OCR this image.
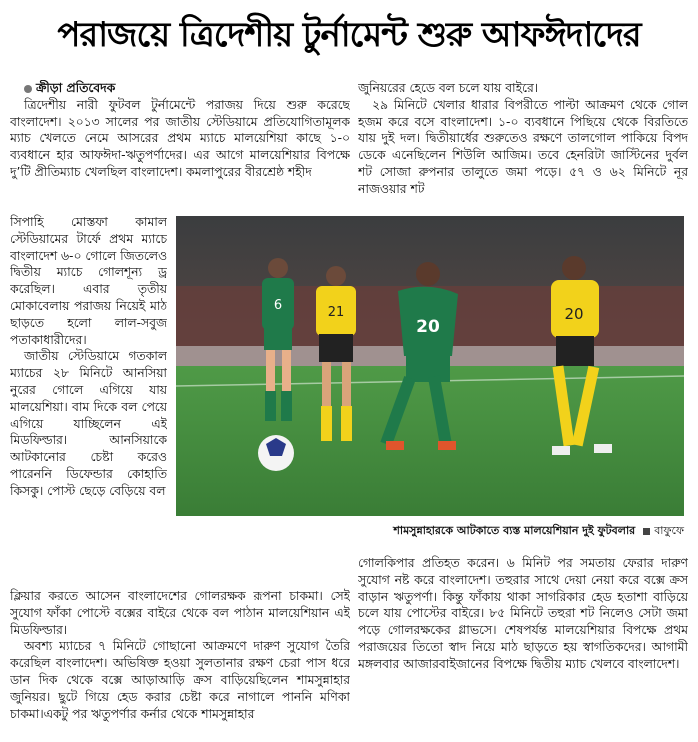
পরাজয়ে ত্রিদেশীয় টুর্নামেন্ট শুরু আফঈদাদের

ক্রীড়া প্রতিবেদক

ত্রিদেশীয় নারী ফুটবল টুর্নামেন্টে পরাজয় দিয়ে শুরু করেছে বাংলাদেশ। ২০১৩ সালের পর জাতীয় স্টেডিয়ামে প্রতিযোগিতামূলক ম্যাচ খেলতে নেমে আসরের প্রথম ম্যাচে মালয়েশিয়া কাছে ১-০ ব্যবধানে হার আফঈদা-ঋতুপর্ণাদের। এর আগে মালয়েশিয়ার বিপক্ষে দু’টি প্রীতিম্যাচ খেলছিল বাংলাদেশ। কমলাপুরের বীরশ্রেষ্ঠ শহীদ

জুনিয়রের হেডে বল চলে যায় বাইরে।

২৯ মিনিটে খেলার ধারার বিপরীতে পাল্টা আক্রমণ থেকে গোল হজম করে বসে বাংলাদেশ। ১-০ ব্যবধানে পিছিয়ে থেকে বিরতিতে যায় দুই দল। দ্বিতীয়ার্ধের শুরুতেও রক্ষণে তালগোল পাকিয়ে বিপদ ডেকে এনেছিলেন শিউলি আজিম। তবে হেনরিটা জাস্টিনের দুর্বল শট সোজা রুপনার তালুতে জমা পড়ে। ৫৭ ও ৬২ মিনিটে নূর নাজওয়ার শট

সিপাহি মোস্তফা কামাল স্টেডিয়ামের টার্ফে প্রথম ম্যাচে বাংলাদেশ ৬-০ গোলে জিতলেও দ্বিতীয় ম্যাচে গোলশূন্য ড্র করেছিল। এবার তৃতীয় মোকাবেলায় পরাজয় নিয়েই মাঠ ছাড়তে হলো লাল-সবুজ পতাকাধারীদের।

জাতীয় স্টেডিয়ামে গতকাল ম্যাচের ২৮ মিনিটে আনসিয়া নুরের গোলে এগিয়ে যায় মালয়েশিয়া। বাম দিকে বল পেয়ে এগিয়ে যাচ্ছিলেন এই মিডফিল্ডার। আনসিয়াকে আটকানোর চেষ্টা করেও পারেননি ডিফেন্ডার কোহাতি কিসকু। পোস্ট ছেড়ে বেড়িয়ে বল

6	21
20
20
শামসুন্নাহারকে আটকাতে ব্যস্ত মালয়েশিয়ান দুই ফুটবলার বাফুফে

ক্লিয়ার করতে আসেন বাংলাদেশের গোলরক্ষক রূপনা চাকমা। সেই সুযোগ ফাঁকা পোস্টে বক্সের বাইরে থেকে বল পাঠান মালয়েশিয়ান এই মিডফিল্ডার।

অবশ্য ম্যাচের ৭ মিনিটে গোছানো আক্রমণে দারুণ সুযোগ তৈরি করেছিল বাংলাদেশ। অভিষিক্ত হওয়া সুলতানার রক্ষণ চেরা পাস ধরে ডান দিক থেকে বক্সে আড়াআড়ি ক্রস বাড়িয়েছিলেন শামসুন্নাহার জুনিয়র। ছুটে গিয়ে হেড করার চেষ্টা করে নাগালে পাননি মণিকা চাকমা।একটু পর ঋতুপর্ণার কর্নার থেকে শামসুন্নাহার

গোলকিপার প্রতিহত করেন। ৬ মিনিট পর সমতায় ফেরার দারুণ সুযোগ নষ্ট করে বাংলাদেশ। তহুরার সাথে দেয়া নেয়া করে বক্সে ক্রস বাড়ান ঋতুপর্ণা। কিন্তু ফাঁকায় থাকা সাগরিকার হেড হতাশা বাড়িয়ে চলে যায় পোস্টের বাইরে। ৮৫ মিনিটে তহুরা শট নিলেও সেটা জমা পড়ে গোলরক্ষকের গ্লাভসে। শেষপর্যন্ত মালয়েশিয়ার বিপক্ষে প্রথম পরাজয়ের তিতো স্বাদ নিয়ে মাঠ ছাড়তে হয় স্বাগতিকদের। আগামী মঙ্গলবার আজারবাইজানের বিপক্ষে দ্বিতীয় ম্যাচ খেলবে বাংলাদেশ।
